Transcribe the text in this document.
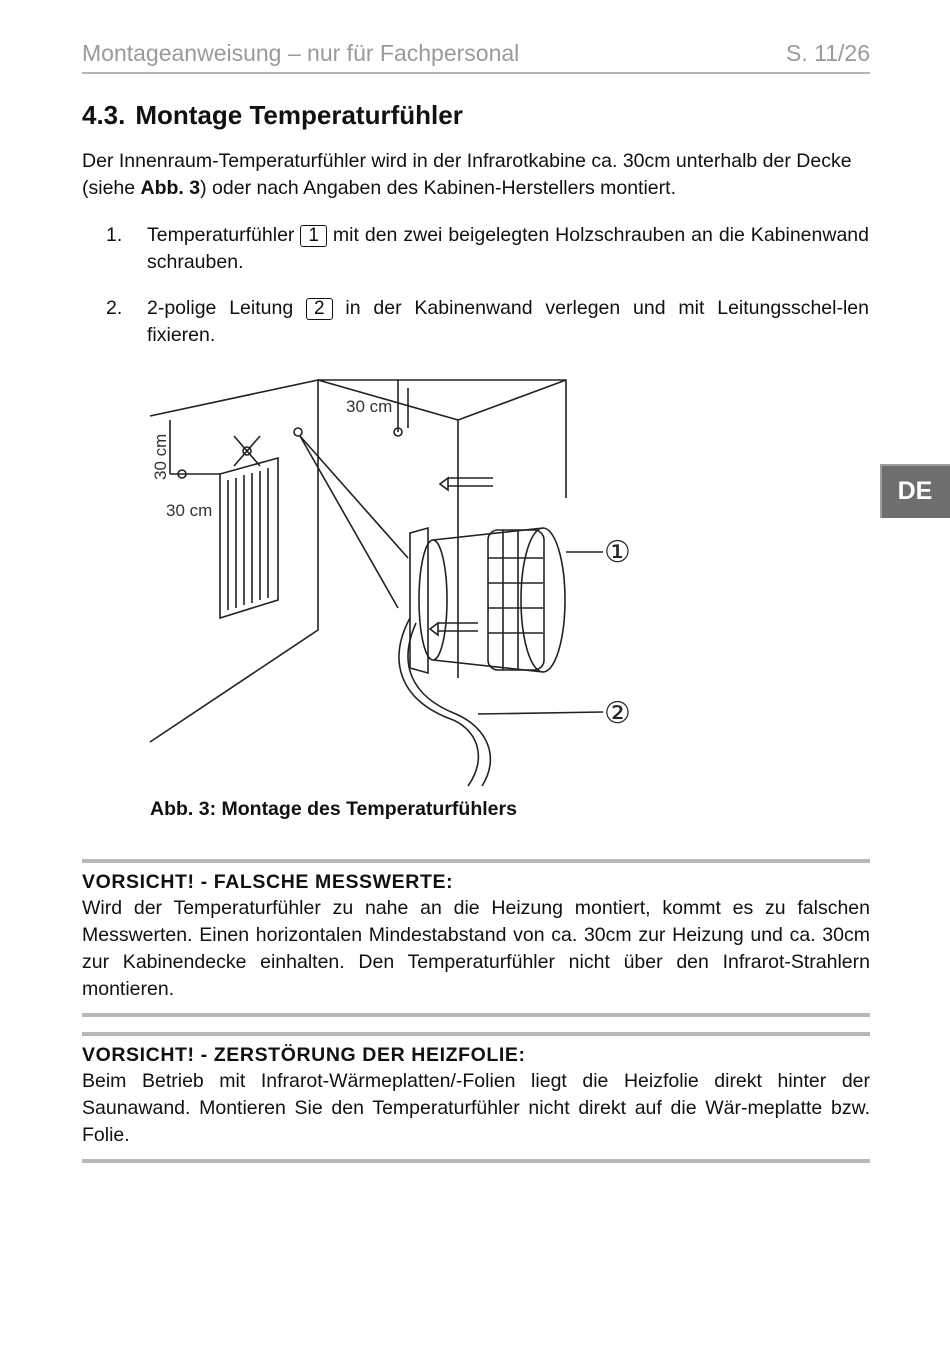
Montageanweisung – nur für Fachpersonal	S. 11/26
DE
4.3. Montage Temperaturfühler
Der Innenraum-Temperaturfühler wird in der Infrarotkabine ca. 30cm unterhalb der Decke (siehe Abb. 3) oder nach Angaben des Kabinen-Herstellers montiert.
1. Temperaturfühler 1 mit den zwei beigelegten Holzschrauben an die Kabinenwand schrauben.
2. 2-polige Leitung 2 in der Kabinenwand verlegen und mit Leitungsschel-len fixieren.
30 cm
30 cm
30 cm
①
②
Abb. 3: Montage des Temperaturfühlers
VORSICHT! - FALSCHE MESSWERTE:
Wird der Temperaturfühler zu nahe an die Heizung montiert, kommt es zu falschen Messwerten. Einen horizontalen Mindestabstand von ca. 30cm zur Heizung und ca. 30cm zur Kabinendecke einhalten. Den Temperaturfühler nicht über den Infrarot-Strahlern montieren.
VORSICHT! - ZERSTÖRUNG DER HEIZFOLIE:
Beim Betrieb mit Infrarot-Wärmeplatten/-Folien liegt die Heizfolie direkt hinter der Saunawand. Montieren Sie den Temperaturfühler nicht direkt auf die Wär-meplatte bzw. Folie.
